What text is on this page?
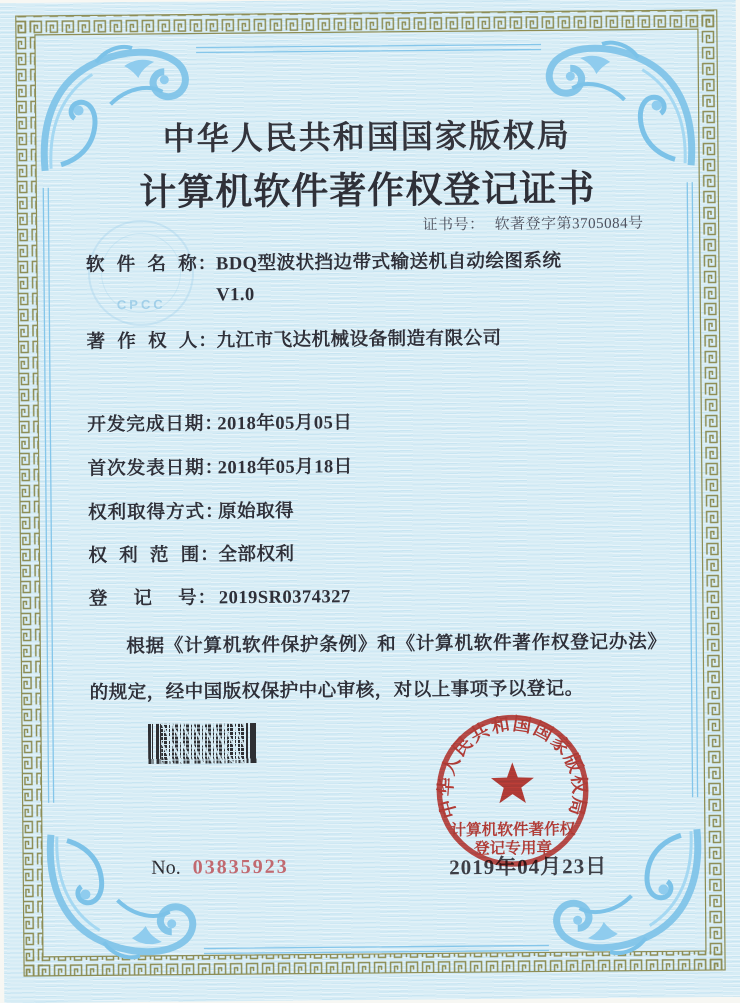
CPCC
中华人民共和国国家版权局
计算机软件著作权登记证书
证书号： 软著登字第3705084号
软  件  名  称：
BDQ型波状挡边带式输送机自动绘图系统
V1.0
著  作  权  人：
九江市飞达机械设备制造有限公司
开发完成日期：
2018年05月05日
首次发表日期：
2018年05月18日
权利取得方式：
原始取得
权  利  范  围：
全部权利
登　 记　 号： 2019SR0374327

根据《计算机软件保护条例》和《计算机软件著作权登记办法》的规定，经中国版权保护中心审核，对以上事项予以登记。

2019年04月23日
中华人民共和国国家版权局
计算机软件著作权
登记专用章
No. 03835923
